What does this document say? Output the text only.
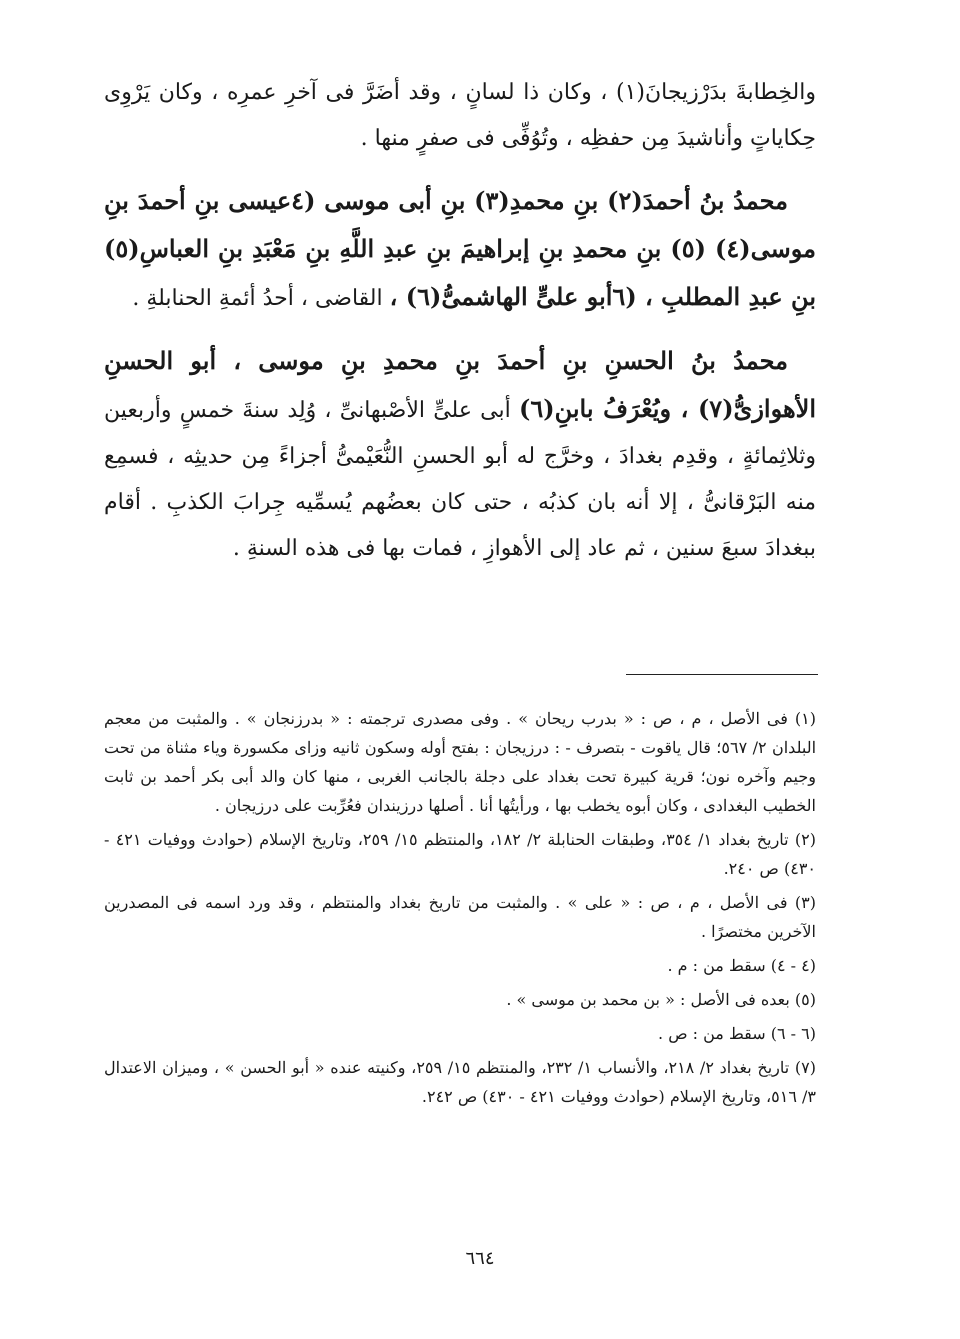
والخِطابةَ بدَرْزيجانَ(١) ، وكان ذا لسانٍ ، وقد أضَرَّ فى آخرِ عمرِه ، وكان يَرْوِى حِكاياتٍ وأناشيدَ مِن حفظِه ، وتُوُفِّى فى صفرٍ منها .

محمدُ بنُ أحمدَ(٢) بنِ محمدِ(٣) بنِ أبى موسى (٤عيسى بنِ أحمدَ بنِ موسى(٤) (٥) بنِ محمدِ بنِ إبراهيمَ بنِ عبدِ اللَّهِ بنِ مَعْبَدِ بنِ العباسِ(٥) بنِ عبدِ المطلبِ ، (٦أبو علىٍّ الهاشمىُّ(٦) ، القاضى ، أحدُ أئمةِ الحنابلةِ .

محمدُ بنُ الحسنِ بنِ أحمدَ بنِ محمدِ بنِ موسى ، أبو الحسنِ الأهوازىُّ(٧) ، ويُعْرَفُ بابنِ(٦) أبى علىٍّ الأصْبهانىِّ ، وُلِد سنةَ خمسٍ وأربعين وثلاثِمائةٍ ، وقدِم بغدادَ ، وخرَّج له أبو الحسنِ النُّعَيْمىُّ أجزاءً مِن حديثِه ، فسمِع منه البَرْقانىُّ ، إلا أنه بان كذبُه ، حتى كان بعضُهم يُسمِّيه جِرابَ الكذبِ . أقام ببغدادَ سبعَ سنين ، ثم عاد إلى الأهوازِ ، فمات بها فى هذه السنةِ .

(١) فى الأصل ، م ، ص : « بدرب ريحان » . وفى مصدرى ترجمته : « بدرزنجان » . والمثبت من معجم البلدان ٢/ ٥٦٧؛ قال ياقوت - بتصرف - : درزيجان : بفتح أوله وسكون ثانيه وزاى مكسورة وياء مثناة من تحت وجيم وآخره نون؛ قرية كبيرة تحت بغداد على دجلة بالجانب الغربى ، منها كان والد أبى بكر أحمد بن ثابت الخطيب البغدادى ، وكان أبوه يخطب بها ، ورأيتُها أنا . أصلها درزيندان فعُرِّبت على درزيجان .

(٢) تاريخ بغداد ١/ ٣٥٤، وطبقات الحنابلة ٢/ ١٨٢، والمنتظم ١٥/ ٢٥٩، وتاريخ الإسلام (حوادث ووفيات ٤٢١ - ٤٣٠) ص ٢٤٠.

(٣) فى الأصل ، م ، ص : « على » . والمثبت من تاريخ بغداد والمنتظم ، وقد ورد اسمه فى المصدرين الآخرين مختصرًا .

(٤ - ٤) سقط من : م .

(٥) بعده فى الأصل : « بن محمد بن موسى » .

(٦ - ٦) سقط من : ص .

(٧) تاريخ بغداد ٢/ ٢١٨، والأنساب ١/ ٢٣٢، والمنتظم ١٥/ ٢٥٩، وكنيته عنده « أبو الحسن » ، وميزان الاعتدال ٣/ ٥١٦، وتاريخ الإسلام (حوادث ووفيات ٤٢١ - ٤٣٠) ص ٢٤٢.

٦٦٤
